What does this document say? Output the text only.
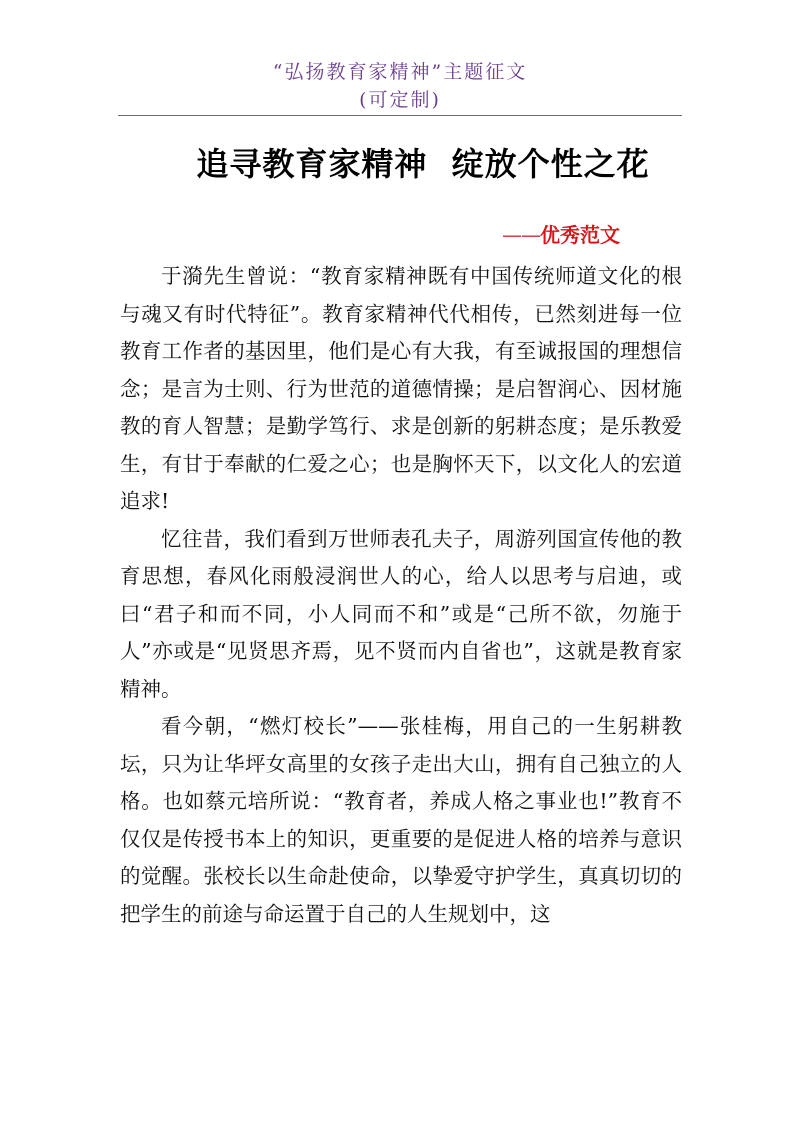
“弘扬教育家精神”主题征文
(可定制)
追寻教育家精神  绽放个性之花
——优秀范文

于漪先生曾说：“教育家精神既有中国传统师道文化的根与魂又有时代特征”。教育家精神代代相传，已然刻进每一位教育工作者的基因里，他们是心有大我，有至诚报国的理想信念；是言为士则、行为世范的道德情操；是启智润心、因材施教的育人智慧；是勤学笃行、求是创新的躬耕态度；是乐教爱生，有甘于奉献的仁爱之心；也是胸怀天下，以文化人的宏道追求!

忆往昔，我们看到万世师表孔夫子，周游列国宣传他的教育思想，春风化雨般浸润世人的心，给人以思考与启迪，或曰“君子和而不同，小人同而不和”或是“己所不欲，勿施于人”亦或是“见贤思齐焉，见不贤而内自省也”，这就是教育家精神。

看今朝，“燃灯校长”——张桂梅，用自己的一生躬耕教坛，只为让华坪女高里的女孩子走出大山，拥有自己独立的人格。也如蔡元培所说：“教育者，养成人格之事业也!”教育不仅仅是传授书本上的知识，更重要的是促进人格的培养与意识的觉醒。张校长以生命赴使命，以挚爱守护学生，真真切切的把学生的前途与命运置于自己的人生规划中，这
